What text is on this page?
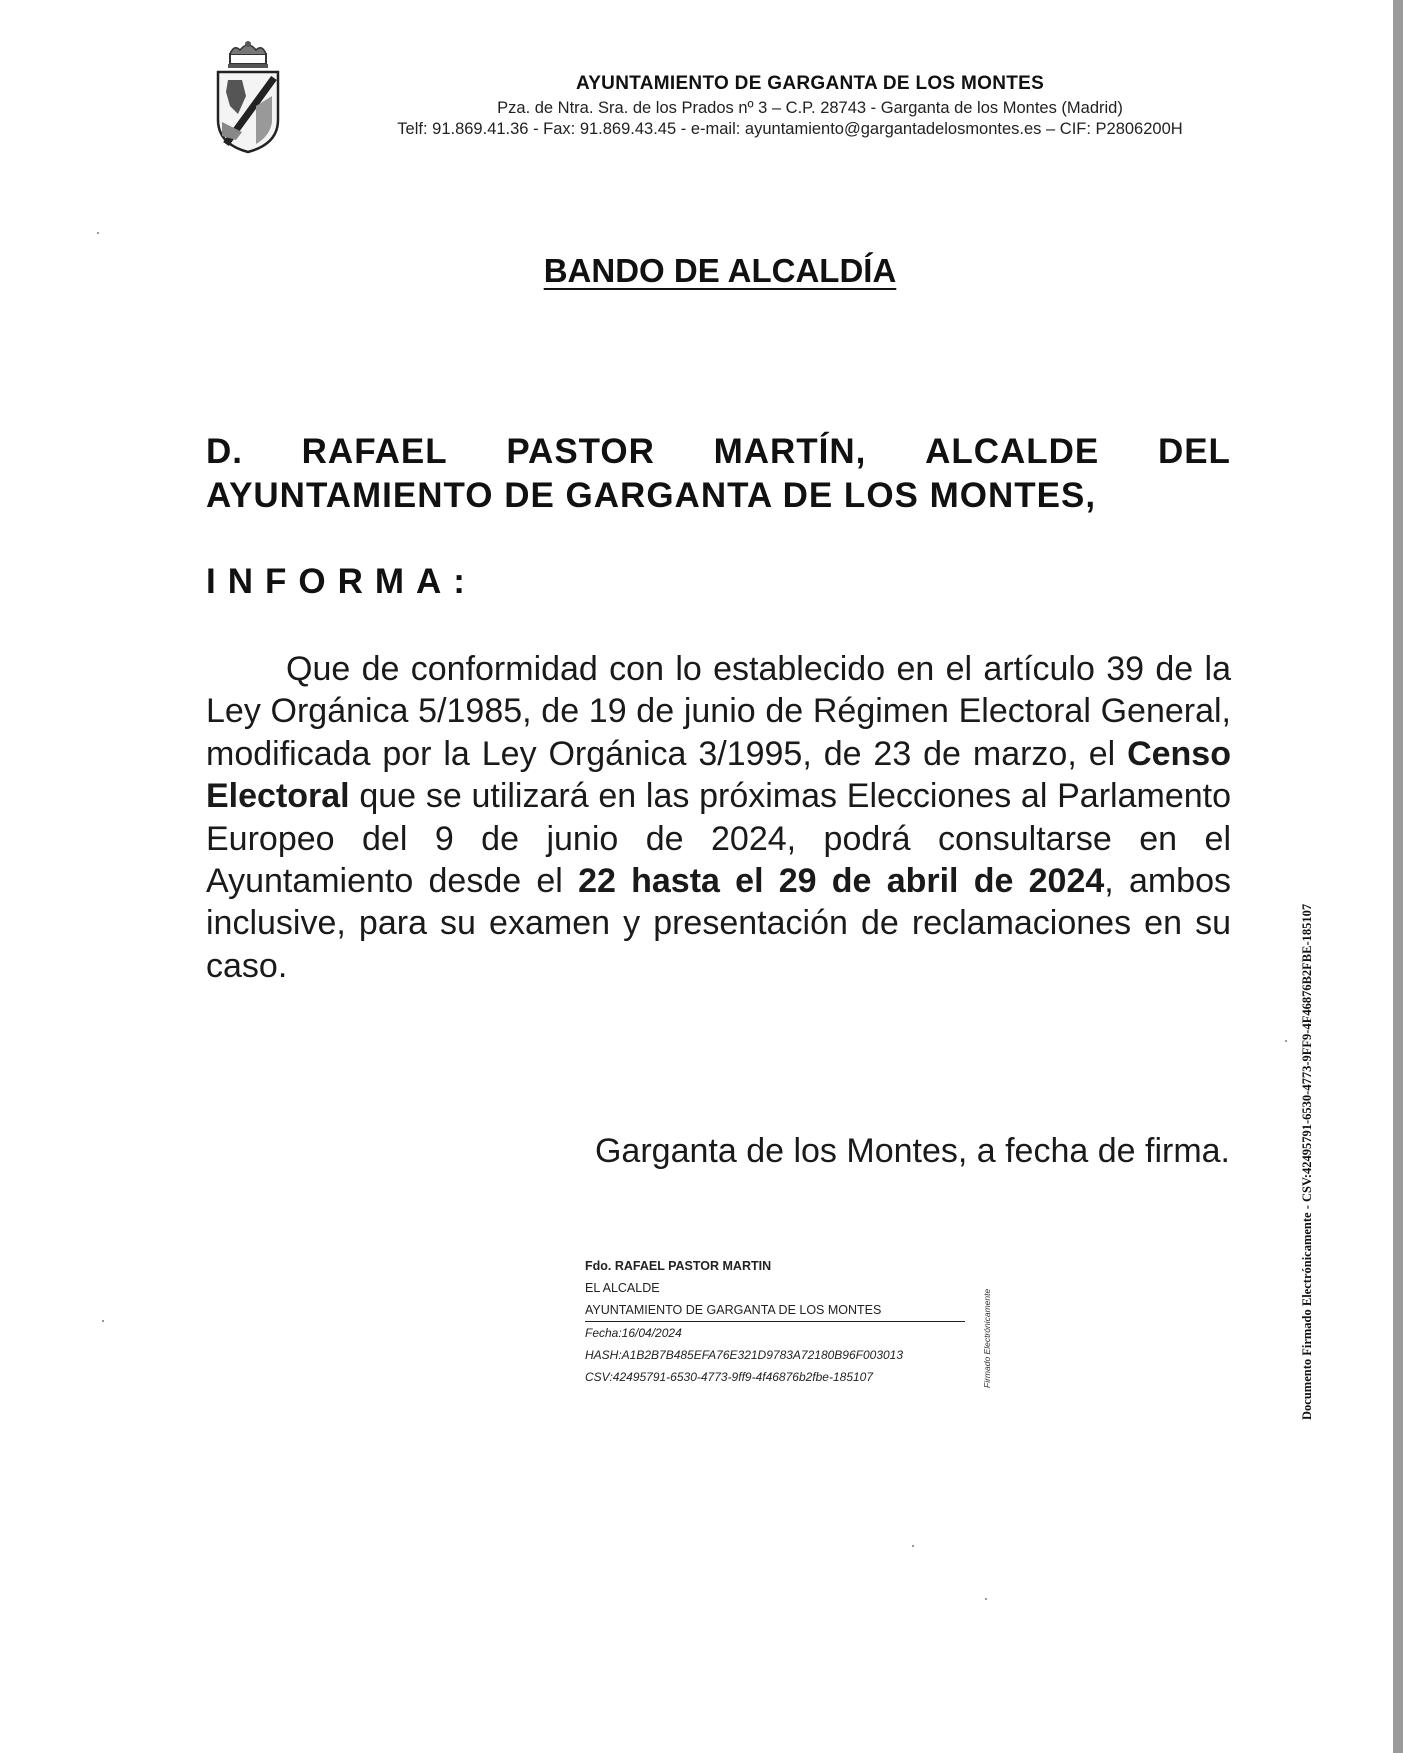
AYUNTAMIENTO DE GARGANTA DE LOS MONTES
Pza. de Ntra. Sra. de los Prados nº 3 – C.P. 28743 - Garganta de los Montes (Madrid)
Telf: 91.869.41.36 - Fax: 91.869.43.45 - e-mail: ayuntamiento@gargantadelosmontes.es – CIF: P2806200H
BANDO DE ALCALDÍA
D. RAFAEL PASTOR MARTÍN, ALCALDE DEL
AYUNTAMIENTO DE GARGANTA DE LOS MONTES,
INFORMA:
Que de conformidad con lo establecido en el artículo 39 de la Ley Orgánica 5/1985, de 19 de junio de Régimen Electoral General, modificada por la Ley Orgánica 3/1995, de 23 de marzo, el Censo Electoral que se utilizará en las próximas Elecciones al Parlamento Europeo del 9 de junio de 2024, podrá consultarse en el Ayuntamiento desde el 22 hasta el 29 de abril de 2024, ambos inclusive, para su examen y presentación de reclamaciones en su caso.
Garganta de los Montes, a fecha de firma.
Fdo. RAFAEL PASTOR MARTIN
EL ALCALDE
AYUNTAMIENTO DE GARGANTA DE LOS MONTES
Fecha:16/04/2024
HASH:A1B2B7B485EFA76E321D9783A72180B96F003013
CSV:42495791-6530-4773-9ff9-4f46876b2fbe-185107	Firmado Electrónicamente	Documento Firmado Electrónicamente - CSV:42495791-6530-4773-9FF9-4F46876B2FBE-185107
